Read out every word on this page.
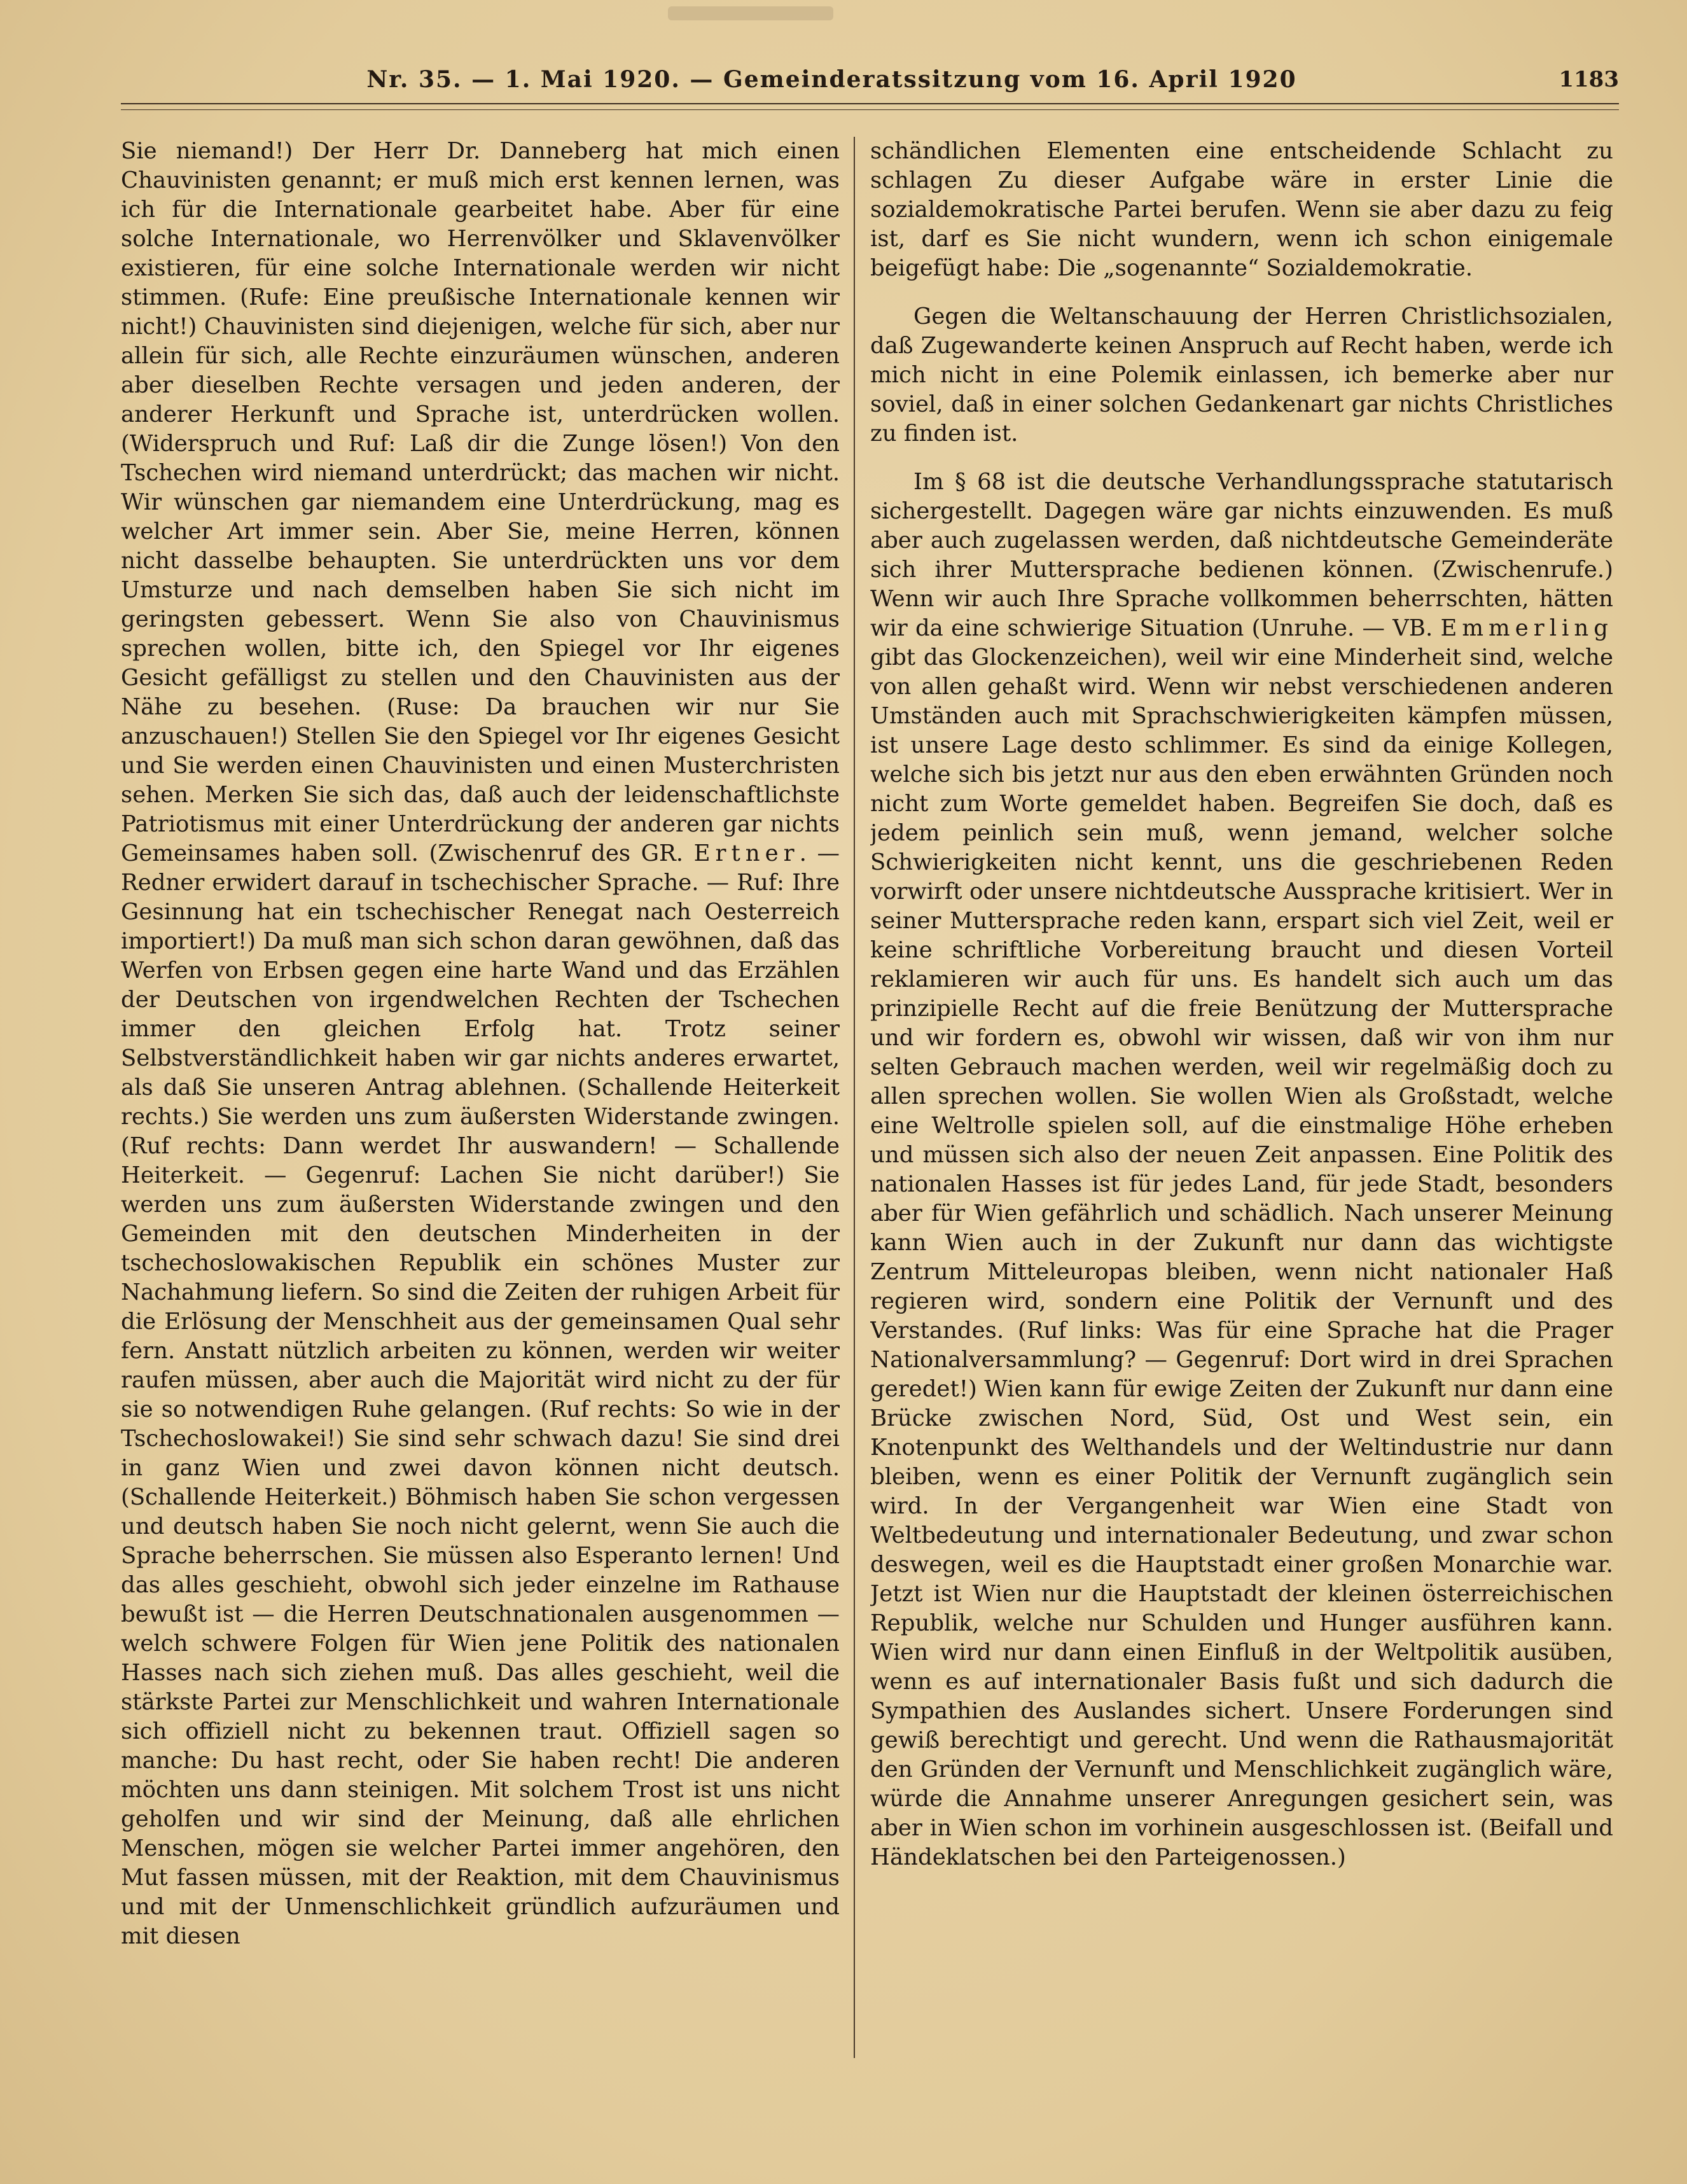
Nr. 35. — 1. Mai 1920. — Gemeinderatssitzung vom 16. April 1920	1183

Sie niemand!) Der Herr Dr. Danneberg hat mich einen Chauvinisten genannt; er muß mich erst kennen lernen, was ich für die Internationale gearbeitet habe. Aber für eine solche Internationale, wo Herrenvölker und Sklavenvölker existieren, für eine solche Internationale werden wir nicht stimmen. (Rufe: Eine preußische Internationale kennen wir nicht!) Chauvinisten sind diejenigen, welche für sich, aber nur allein für sich, alle Rechte einzuräumen wünschen, anderen aber dieselben Rechte versagen und jeden anderen, der anderer Herkunft und Sprache ist, unterdrücken wollen. (Widerspruch und Ruf: Laß dir die Zunge lösen!) Von den Tschechen wird niemand unterdrückt; das machen wir nicht. Wir wünschen gar niemandem eine Unterdrückung, mag es welcher Art immer sein. Aber Sie, meine Herren, können nicht dasselbe behaupten. Sie unterdrückten uns vor dem Umsturze und nach demselben haben Sie sich nicht im geringsten gebessert. Wenn Sie also von Chauvinismus sprechen wollen, bitte ich, den Spiegel vor Ihr eigenes Gesicht gefälligst zu stellen und den Chauvinisten aus der Nähe zu besehen. (Ruse: Da brauchen wir nur Sie anzuschauen!) Stellen Sie den Spiegel vor Ihr eigenes Gesicht und Sie werden einen Chauvinisten und einen Musterchristen sehen. Merken Sie sich das, daß auch der leidenschaftlichste Patriotismus mit einer Unterdrückung der anderen gar nichts Gemeinsames haben soll. (Zwischenruf des GR. Ertner. — Redner erwidert darauf in tschechischer Sprache. — Ruf: Ihre Gesinnung hat ein tschechischer Renegat nach Oesterreich importiert!) Da muß man sich schon daran gewöhnen, daß das Werfen von Erbsen gegen eine harte Wand und das Erzählen der Deutschen von irgendwelchen Rechten der Tschechen immer den gleichen Erfolg hat. Trotz seiner Selbstverständlichkeit haben wir gar nichts anderes erwartet, als daß Sie unseren Antrag ablehnen. (Schallende Heiterkeit rechts.) Sie werden uns zum äußersten Widerstande zwingen. (Ruf rechts: Dann werdet Ihr auswandern! — Schallende Heiterkeit. — Gegenruf: Lachen Sie nicht darüber!) Sie werden uns zum äußersten Widerstande zwingen und den Gemeinden mit den deutschen Minderheiten in der tschechoslowakischen Republik ein schönes Muster zur Nachahmung liefern. So sind die Zeiten der ruhigen Arbeit für die Erlösung der Menschheit aus der gemeinsamen Qual sehr fern. Anstatt nützlich arbeiten zu können, werden wir weiter raufen müssen, aber auch die Majorität wird nicht zu der für sie so notwendigen Ruhe gelangen. (Ruf rechts: So wie in der Tschechoslowakei!) Sie sind sehr schwach dazu! Sie sind drei in ganz Wien und zwei davon können nicht deutsch. (Schallende Heiterkeit.) Böhmisch haben Sie schon vergessen und deutsch haben Sie noch nicht gelernt, wenn Sie auch die Sprache beherrschen. Sie müssen also Esperanto lernen! Und das alles geschieht, obwohl sich jeder einzelne im Rathause bewußt ist — die Herren Deutschnationalen ausgenommen — welch schwere Folgen für Wien jene Politik des nationalen Hasses nach sich ziehen muß. Das alles geschieht, weil die stärkste Partei zur Menschlichkeit und wahren Internationale sich offiziell nicht zu bekennen traut. Offiziell sagen so manche: Du hast recht, oder Sie haben recht! Die anderen möchten uns dann steinigen. Mit solchem Trost ist uns nicht geholfen und wir sind der Meinung, daß alle ehrlichen Menschen, mögen sie welcher Partei immer angehören, den Mut fassen müssen, mit der Reaktion, mit dem Chauvinismus und mit der Unmenschlichkeit gründlich aufzuräumen und mit diesen

schändlichen Elementen eine entscheidende Schlacht zu schlagen Zu dieser Aufgabe wäre in erster Linie die sozialdemokratische Partei berufen. Wenn sie aber dazu zu feig ist, darf es Sie nicht wundern, wenn ich schon einigemale beigefügt habe: Die „sogenannte“ Sozialdemokratie.

Gegen die Weltanschauung der Herren Christlichsozialen, daß Zugewanderte keinen Anspruch auf Recht haben, werde ich mich nicht in eine Polemik einlassen, ich bemerke aber nur soviel, daß in einer solchen Gedankenart gar nichts Christliches zu finden ist.

Im § 68 ist die deutsche Verhandlungssprache statutarisch sichergestellt. Dagegen wäre gar nichts einzuwenden. Es muß aber auch zugelassen werden, daß nichtdeutsche Gemeinderäte sich ihrer Muttersprache bedienen können. (Zwischenrufe.) Wenn wir auch Ihre Sprache vollkommen beherrschten, hätten wir da eine schwierige Situation (Unruhe. — VB. Emmerling gibt das Glockenzeichen), weil wir eine Minderheit sind, welche von allen gehaßt wird. Wenn wir nebst verschiedenen anderen Umständen auch mit Sprachschwierigkeiten kämpfen müssen, ist unsere Lage desto schlimmer. Es sind da einige Kollegen, welche sich bis jetzt nur aus den eben erwähnten Gründen noch nicht zum Worte gemeldet haben. Begreifen Sie doch, daß es jedem peinlich sein muß, wenn jemand, welcher solche Schwierigkeiten nicht kennt, uns die geschriebenen Reden vorwirft oder unsere nichtdeutsche Aussprache kritisiert. Wer in seiner Muttersprache reden kann, erspart sich viel Zeit, weil er keine schriftliche Vorbereitung braucht und diesen Vorteil reklamieren wir auch für uns. Es handelt sich auch um das prinzipielle Recht auf die freie Benützung der Muttersprache und wir fordern es, obwohl wir wissen, daß wir von ihm nur selten Gebrauch machen werden, weil wir regelmäßig doch zu allen sprechen wollen. Sie wollen Wien als Großstadt, welche eine Weltrolle spielen soll, auf die einstmalige Höhe erheben und müssen sich also der neuen Zeit anpassen. Eine Politik des nationalen Hasses ist für jedes Land, für jede Stadt, besonders aber für Wien gefährlich und schädlich. Nach unserer Meinung kann Wien auch in der Zukunft nur dann das wichtigste Zentrum Mitteleuropas bleiben, wenn nicht nationaler Haß regieren wird, sondern eine Politik der Vernunft und des Verstandes. (Ruf links: Was für eine Sprache hat die Prager Nationalversammlung? — Gegenruf: Dort wird in drei Sprachen geredet!) Wien kann für ewige Zeiten der Zukunft nur dann eine Brücke zwischen Nord, Süd, Ost und West sein, ein Knotenpunkt des Welthandels und der Weltindustrie nur dann bleiben, wenn es einer Politik der Vernunft zugänglich sein wird. In der Vergangenheit war Wien eine Stadt von Weltbedeutung und internationaler Bedeutung, und zwar schon deswegen, weil es die Hauptstadt einer großen Monarchie war. Jetzt ist Wien nur die Hauptstadt der kleinen österreichischen Republik, welche nur Schulden und Hunger ausführen kann. Wien wird nur dann einen Einfluß in der Weltpolitik ausüben, wenn es auf internationaler Basis fußt und sich dadurch die Sympathien des Auslandes sichert. Unsere Forderungen sind gewiß berechtigt und gerecht. Und wenn die Rathausmajorität den Gründen der Vernunft und Menschlichkeit zugänglich wäre, würde die Annahme unserer Anregungen gesichert sein, was aber in Wien schon im vorhinein ausgeschlossen ist. (Beifall und Händeklatschen bei den Parteigenossen.)
